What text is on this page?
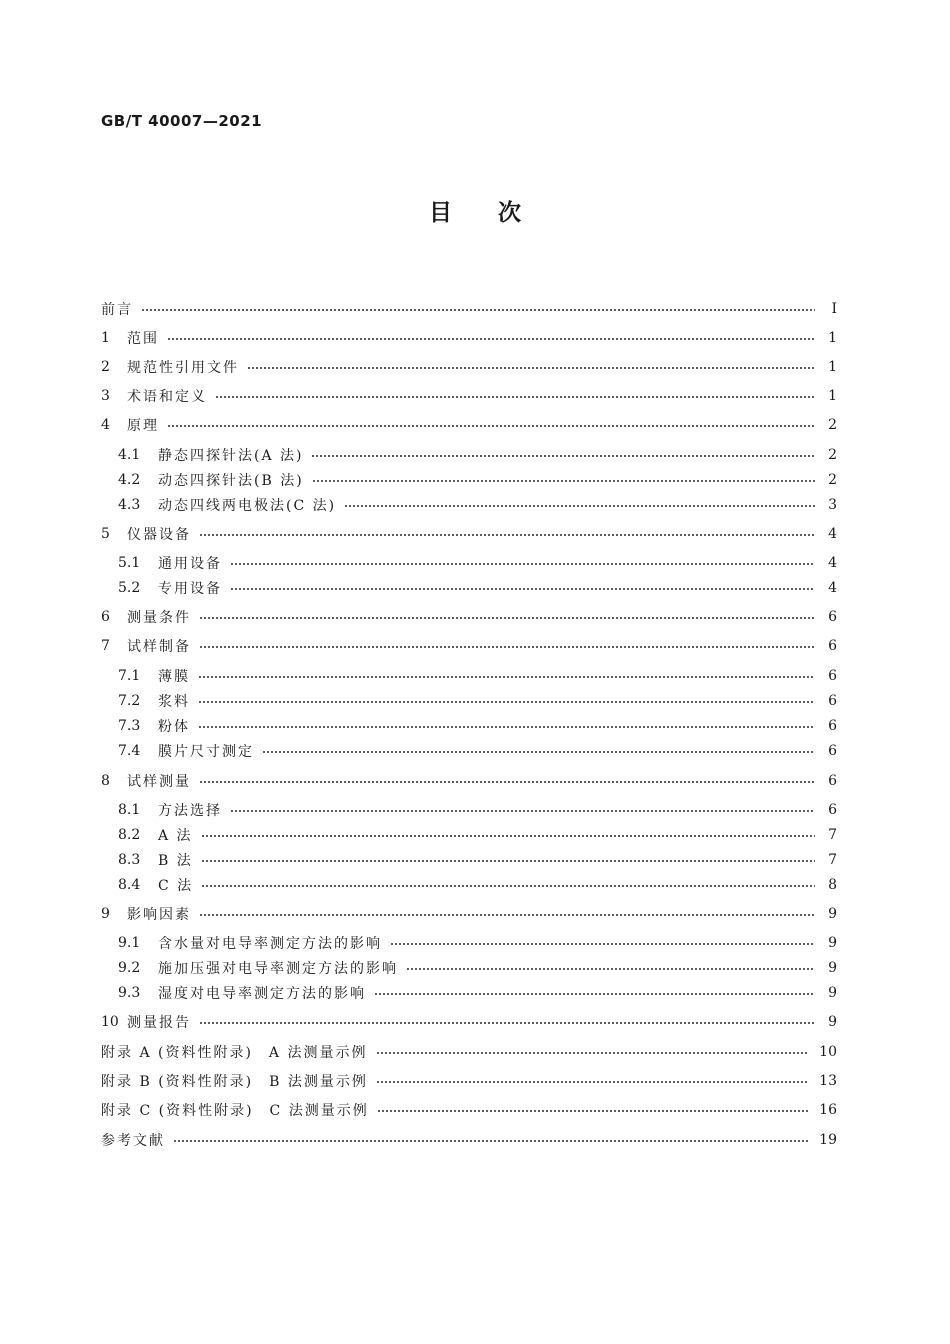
GB/T 40007—2021

目　　次
前言	I
1	范围	1
2	规范性引用文件	1
3	术语和定义	1
4	原理	2
4.1	静态四探针法(A 法)	2
4.2	动态四探针法(B 法)	2
4.3	动态四线两电极法(C 法)	3
5	仪器设备	4
5.1	通用设备	4
5.2	专用设备	4
6	测量条件	6
7	试样制备	6
7.1	薄膜	6
7.2	浆料	6
7.3	粉体	6
7.4	膜片尺寸测定	6
8	试样测量	6
8.1	方法选择	6
8.2	A 法	7
8.3	B 法	7
8.4	C 法	8
9	影响因素	9
9.1	含水量对电导率测定方法的影响	9
9.2	施加压强对电导率测定方法的影响	9
9.3	湿度对电导率测定方法的影响	9
10 测量报告	9
附录 A (资料性附录)　A 法测量示例	10
附录 B (资料性附录)　B 法测量示例	13
附录 C (资料性附录)　C 法测量示例	16
参考文献	19
